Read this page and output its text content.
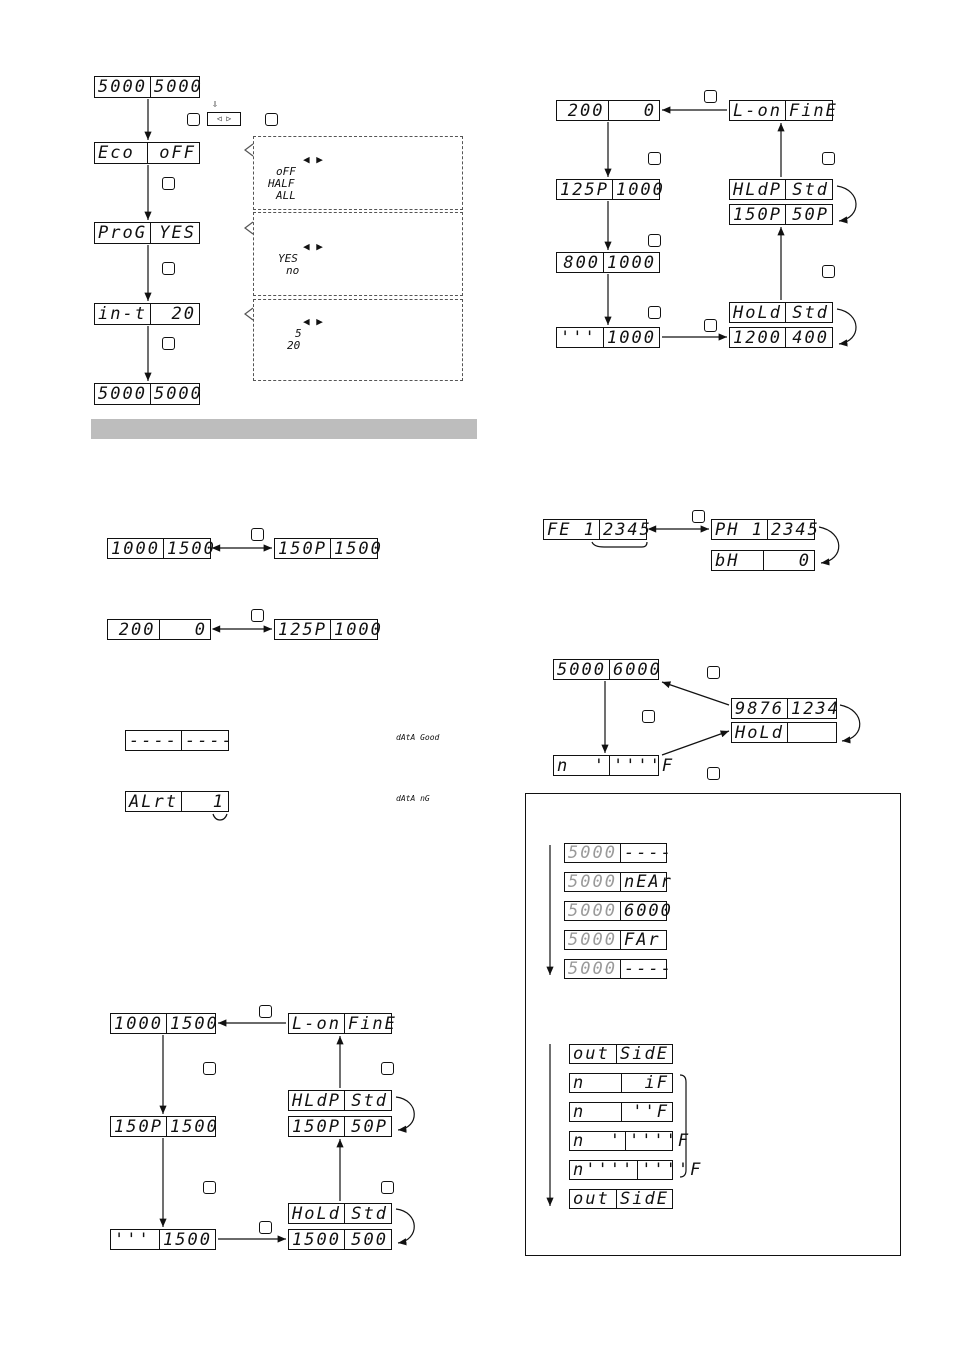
5000 5000
◁ ▷
⇩
Eco	oFF
ProG YES
in-t	20
5000 5000
◀ ▶
oFF
HALF
ALL
◀ ▶
YES
no
◀ ▶
5
20
1000 1500	150P 1500
200	0	125P 1000
---- ----	dAtA Good
ALrt	1	dAtA nG
1000 1500	L-on FinE
HLdP Std
150P 1500	150P 50P
HoLd Std
''' 1500	1500 500
200	0	L-on FinE
125P 1000	HLdP Std
150P 50P
800 1000
HoLd Std
''' 1000	1200 400
FE 1 2345	PH 1 2345
bH	0
5000 6000
9876 1234
HoLd
n  ' ''''F
5000 ----
5000 nEAr
5000 6000
5000 FAr
5000 ----
out SidE
n	iF
n	''F
n  ' ''''F
n'''' ''''F
out SidE
